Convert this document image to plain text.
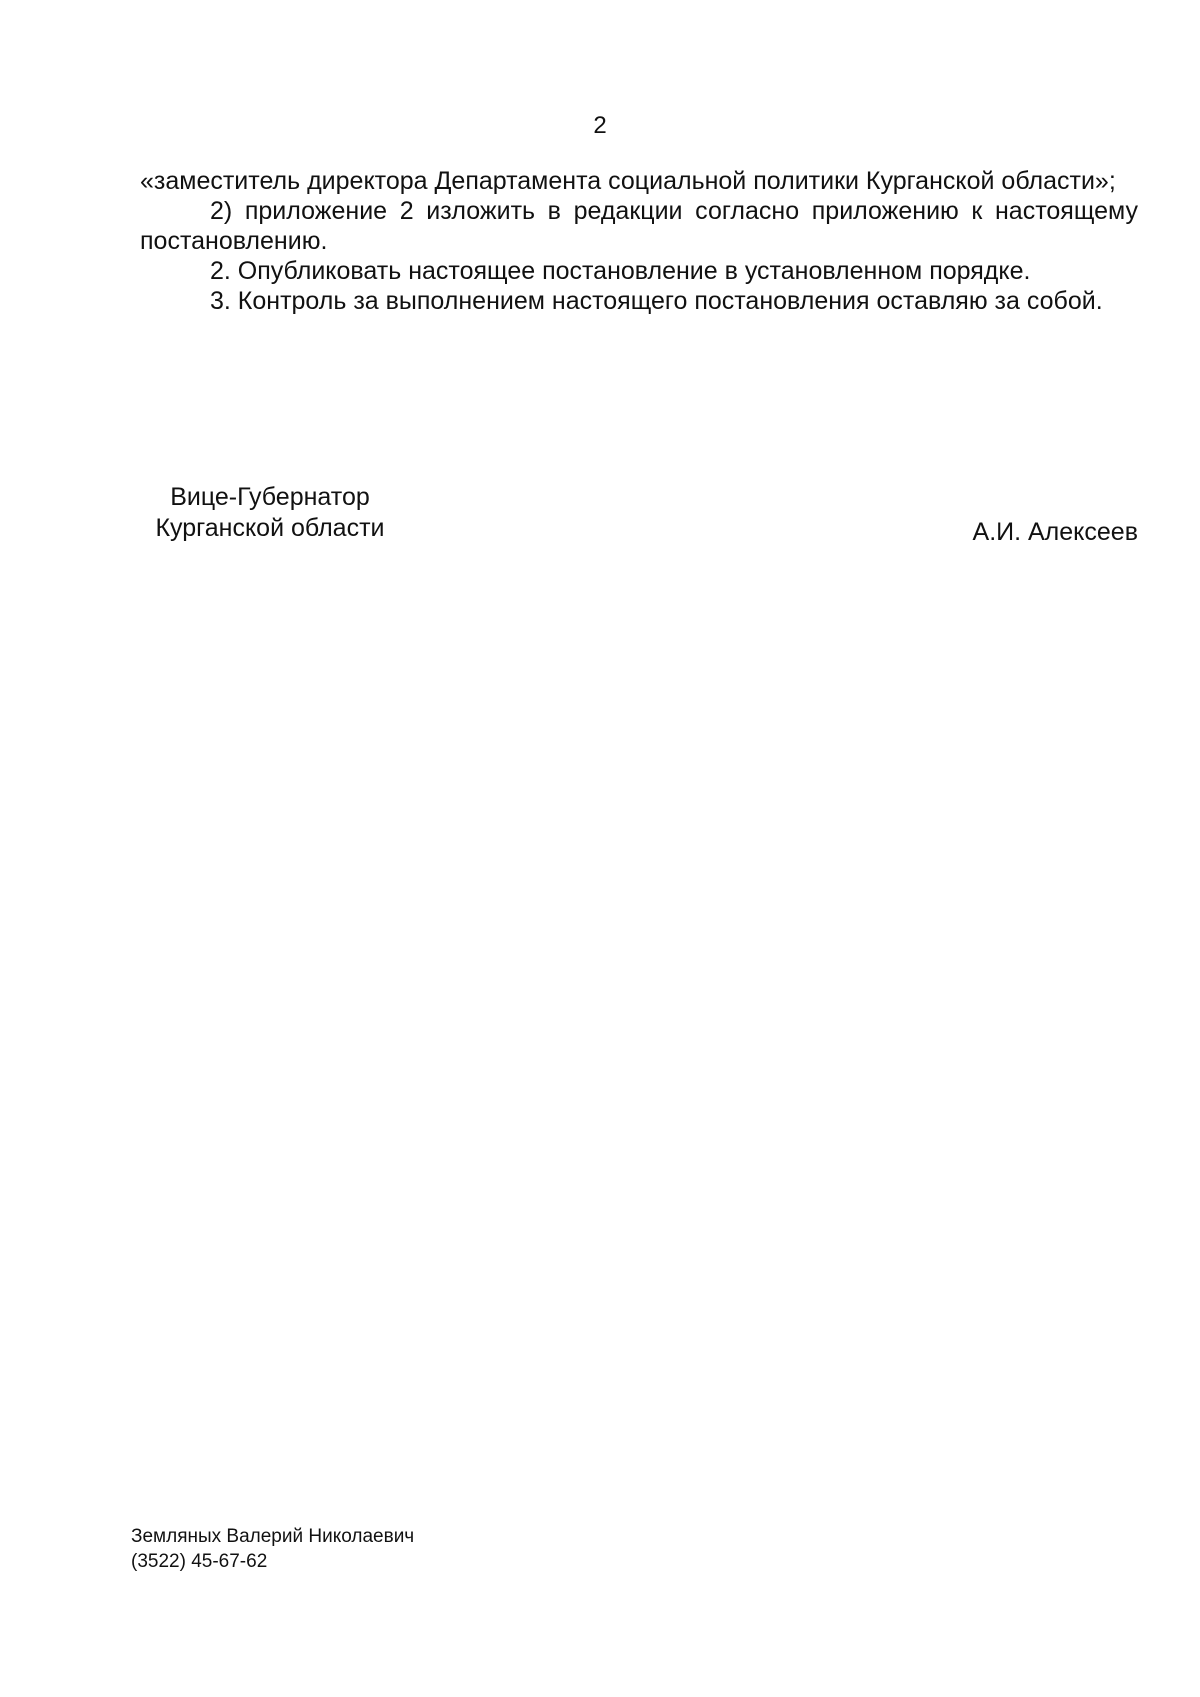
2

«заместитель директора Департамента социальной политики Курганской области»;

2) приложение 2 изложить в редакции согласно приложению к настоящему постановлению.

2. Опубликовать настоящее постановление в установленном порядке.

3. Контроль за выполнением настоящего постановления оставляю за собой.

Вице-Губернатор
Курганской области	А.И. Алексеев
Земляных Валерий Николаевич
(3522) 45-67-62
